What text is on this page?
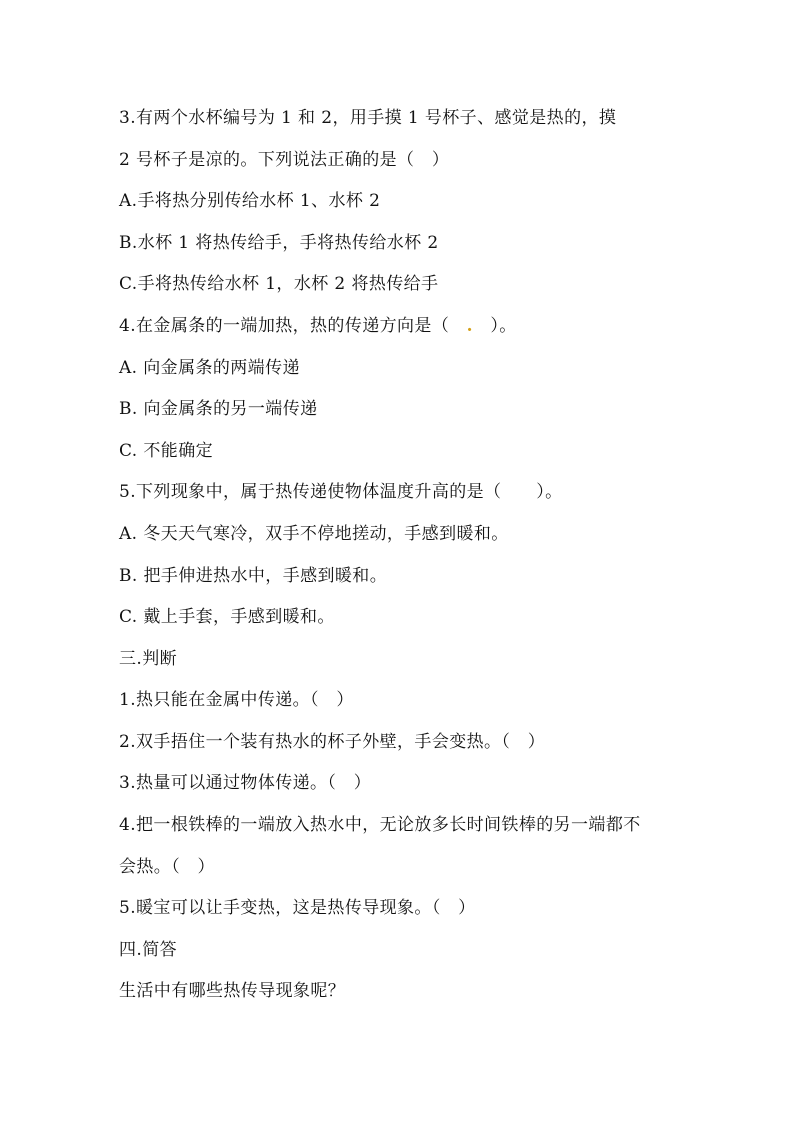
3.有两个水杯编号为 1 和 2，用手摸 1 号杯子、感觉是热的，摸
2 号杯子是凉的。下列说法正确的是（　）
A.手将热分别传给水杯 1、水杯 2
B.水杯 1 将热传给手，手将热传给水杯 2
C.手将热传给水杯 1，水杯 2 将热传给手
4.在金属条的一端加热，热的传递方向是（　.　）。
A. 向金属条的两端传递
B. 向金属条的另一端传递
C. 不能确定
5.下列现象中，属于热传递使物体温度升高的是（　　）。
A. 冬天天气寒冷，双手不停地搓动，手感到暖和。
B. 把手伸进热水中，手感到暖和。
C. 戴上手套，手感到暖和。
三.判断
1.热只能在金属中传递。（　）
2.双手捂住一个装有热水的杯子外壁，手会变热。（　）
3.热量可以通过物体传递。（　）
4.把一根铁棒的一端放入热水中，无论放多长时间铁棒的另一端都不
会热。（　）
5.暖宝可以让手变热，这是热传导现象。（　）
四.简答
生活中有哪些热传导现象呢？
